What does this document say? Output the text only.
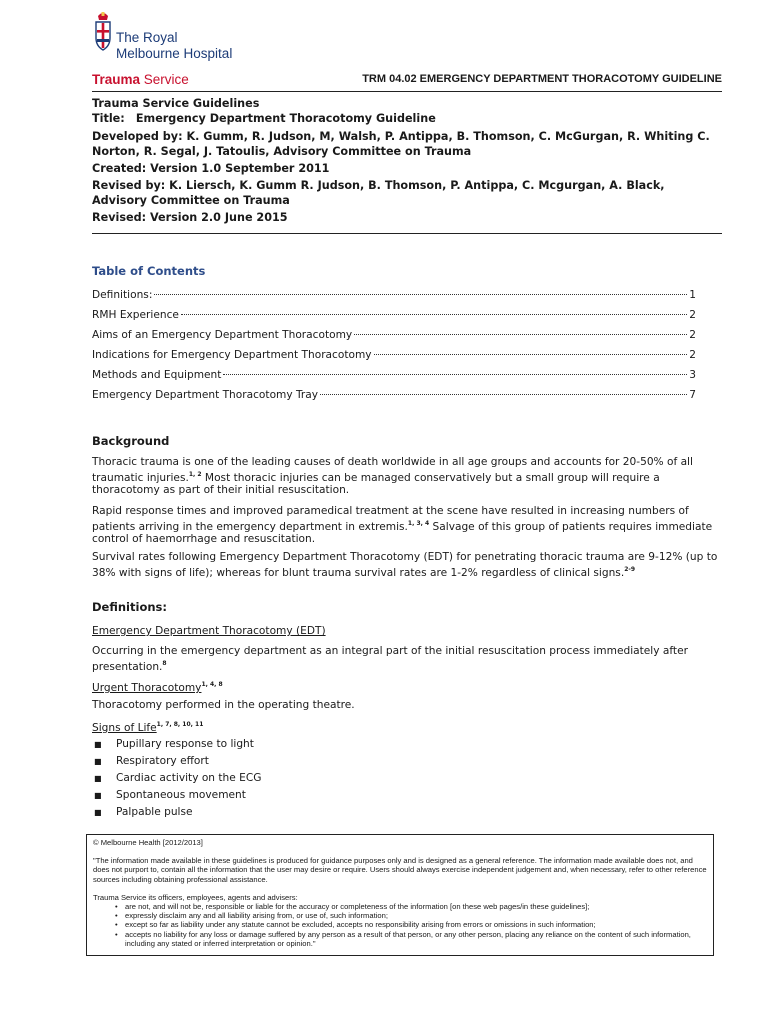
The Royal
Melbourne Hospital
Trauma Service	TRM 04.02 EMERGENCY DEPARTMENT THORACOTOMY GUIDELINE

Trauma Service Guidelines

Title: Emergency Department Thoracotomy Guideline

Developed by: K. Gumm, R. Judson, M, Walsh, P. Antippa, B. Thomson, C. McGurgan, R. Whiting C. Norton, R. Segal, J. Tatoulis, Advisory Committee on Trauma

Created: Version 1.0 September 2011

Revised by: K. Liersch, K. Gumm R. Judson, B. Thomson, P. Antippa, C. Mcgurgan, A. Black, Advisory Committee on Trauma

Revised: Version 2.0 June 2015

Table of Contents
Definitions:	1
RMH Experience	2
Aims of an Emergency Department Thoracotomy	2
Indications for Emergency Department Thoracotomy	2
Methods and Equipment	3
Emergency Department Thoracotomy Tray	7
Background
Thoracic trauma is one of the leading causes of death worldwide in all age groups and accounts for 20-50% of all traumatic injuries.$^{1, 2}$ Most thoracic injuries can be managed conservatively but a small group will require a thoracotomy as part of their initial resuscitation.
Rapid response times and improved paramedical treatment at the scene have resulted in increasing numbers of patients arriving in the emergency department in extremis.$^{1, 3, 4}$ Salvage of this group of patients requires immediate control of haemorrhage and resuscitation.
Survival rates following Emergency Department Thoracotomy (EDT) for penetrating thoracic trauma are 9-12% (up to 38% with signs of life); whereas for blunt trauma survival rates are 1-2% regardless of clinical signs.$^{2-9}$
Definitions:
Emergency Department Thoracotomy (EDT)
Occurring in the emergency department as an integral part of the initial resuscitation process immediately after presentation.$^8$
Urgent Thoracotomy$^{1, 4, 8}$
Thoracotomy performed in the operating theatre.
Signs of Life$^{1, 7, 8, 10, 11}$
■	Pupillary response to light
■	Respiratory effort
■	Cardiac activity on the ECG
■	Spontaneous movement
■	Palpable pulse

© Melbourne Health [2012/2013]

"The information made available in these guidelines is produced for guidance purposes only and is designed as a general reference. The information made available does not, and does not purport to, contain all the information that the user may desire or require. Users should always exercise independent judgement and, when necessary, refer to other reference sources including obtaining professional assistance.

Trauma Service its officers, employees, agents and advisers:

• are not, and will not be, responsible or liable for the accuracy or completeness of the information [on these web pages/in these guidelines];
• expressly disclaim any and all liability arising from, or use of, such information;
• except so far as liability under any statute cannot be excluded, accepts no responsibility arising from errors or omissions in such information;
• accepts no liability for any loss or damage suffered by any person as a result of that person, or any other person, placing any reliance on the content of such information, including any stated or inferred interpretation or opinion."
